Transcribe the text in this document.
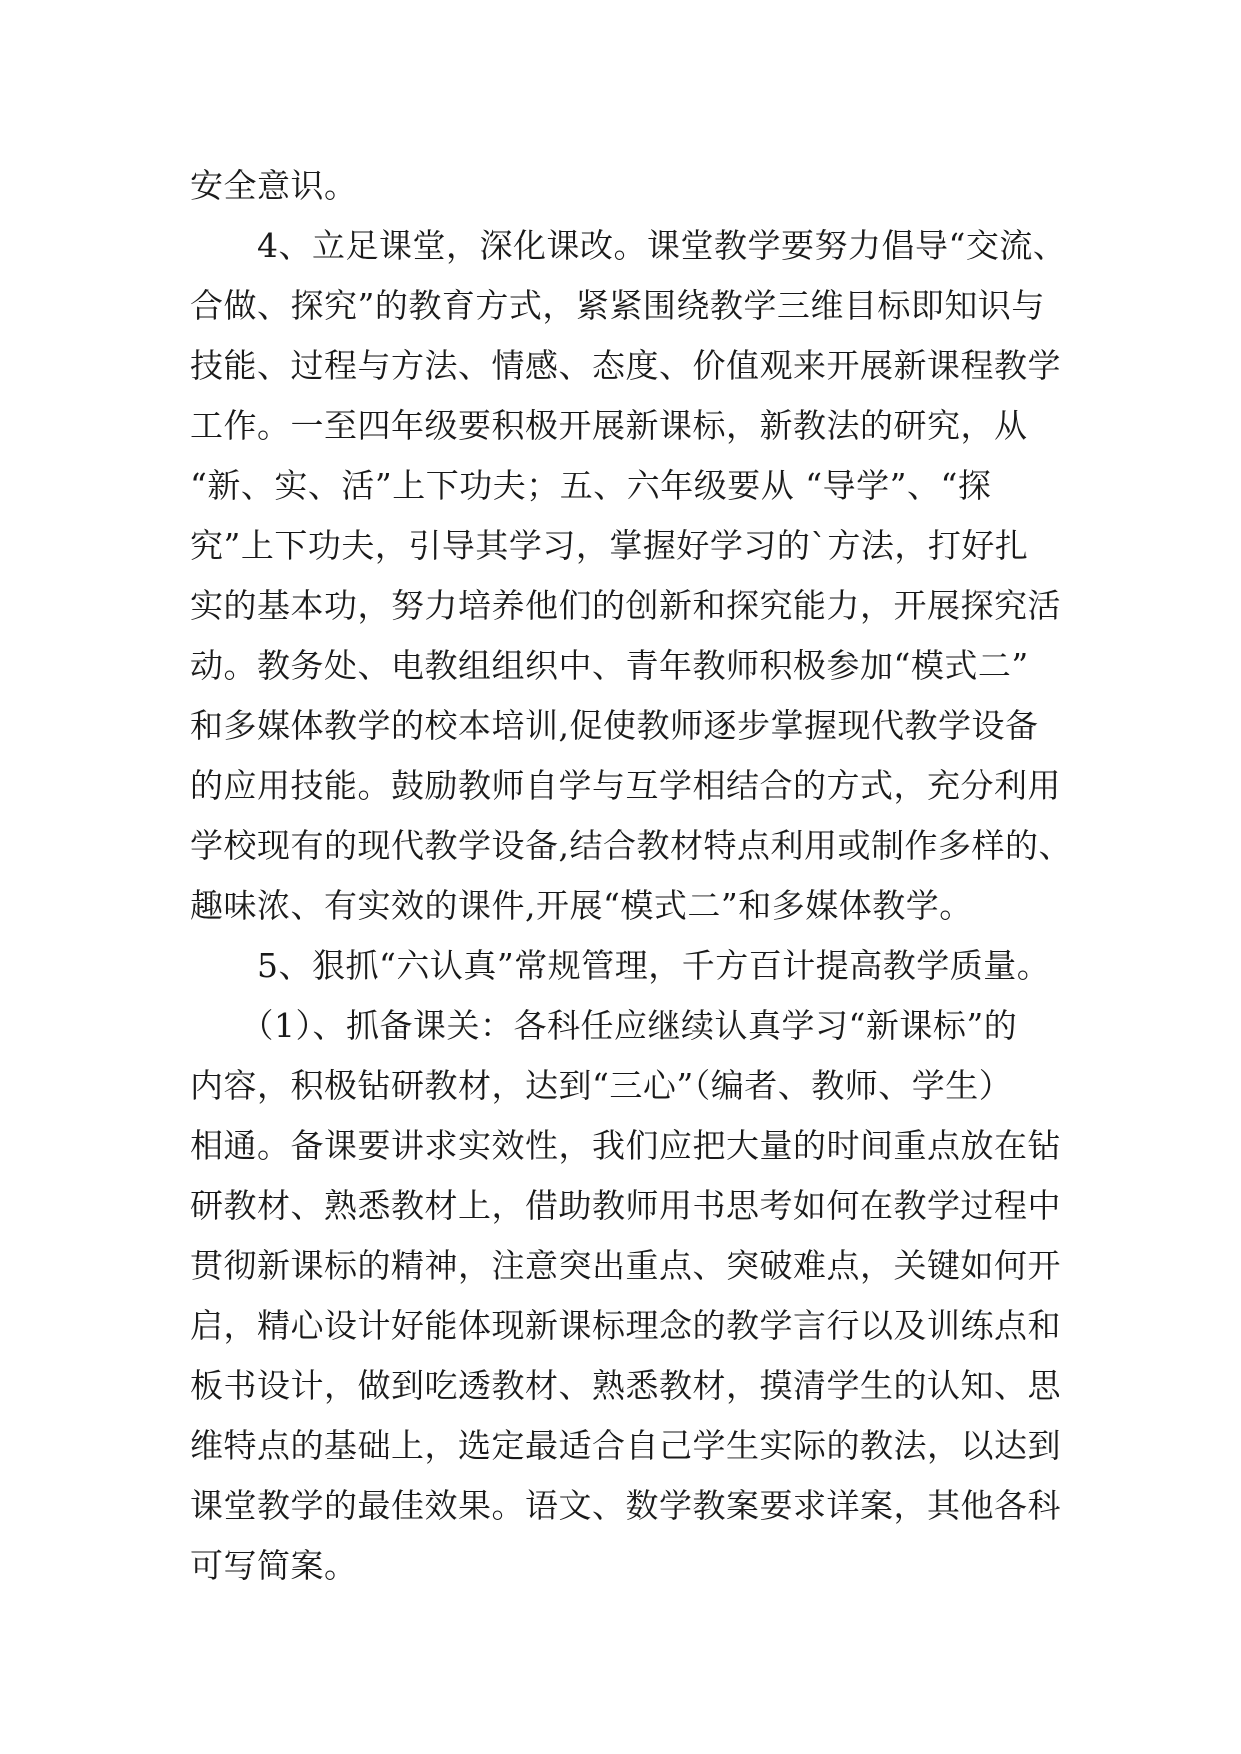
安全意识。
　　4、立足课堂，深化课改。课堂教学要努力倡导“交流、
合做、探究”的教育方式，紧紧围绕教学三维目标即知识与
技能、过程与方法、情感、态度、价值观来开展新课程教学
工作。一至四年级要积极开展新课标，新教法的研究，从
“新、实、活”上下功夫；五、六年级要从 “导学”、“探
究”上下功夫，引导其学习，掌握好学习的`方法，打好扎
实的基本功，努力培养他们的创新和探究能力，开展探究活
动。教务处、电教组组织中、青年教师积极参加“模式二”
和多媒体教学的校本培训,促使教师逐步掌握现代教学设备
的应用技能。鼓励教师自学与互学相结合的方式，充分利用
学校现有的现代教学设备,结合教材特点利用或制作多样的、
趣味浓、有实效的课件,开展“模式二”和多媒体教学。
　　5、狠抓“六认真”常规管理，千方百计提高教学质量。
　　（1）、抓备课关：各科任应继续认真学习“新课标”的
内容，积极钻研教材，达到“三心”（编者、教师、学生）
相通。备课要讲求实效性，我们应把大量的时间重点放在钻
研教材、熟悉教材上，借助教师用书思考如何在教学过程中
贯彻新课标的精神，注意突出重点、突破难点，关键如何开
启，精心设计好能体现新课标理念的教学言行以及训练点和
板书设计，做到吃透教材、熟悉教材，摸清学生的认知、思
维特点的基础上，选定最适合自己学生实际的教法，以达到
课堂教学的最佳效果。语文、数学教案要求详案，其他各科
可写简案。
